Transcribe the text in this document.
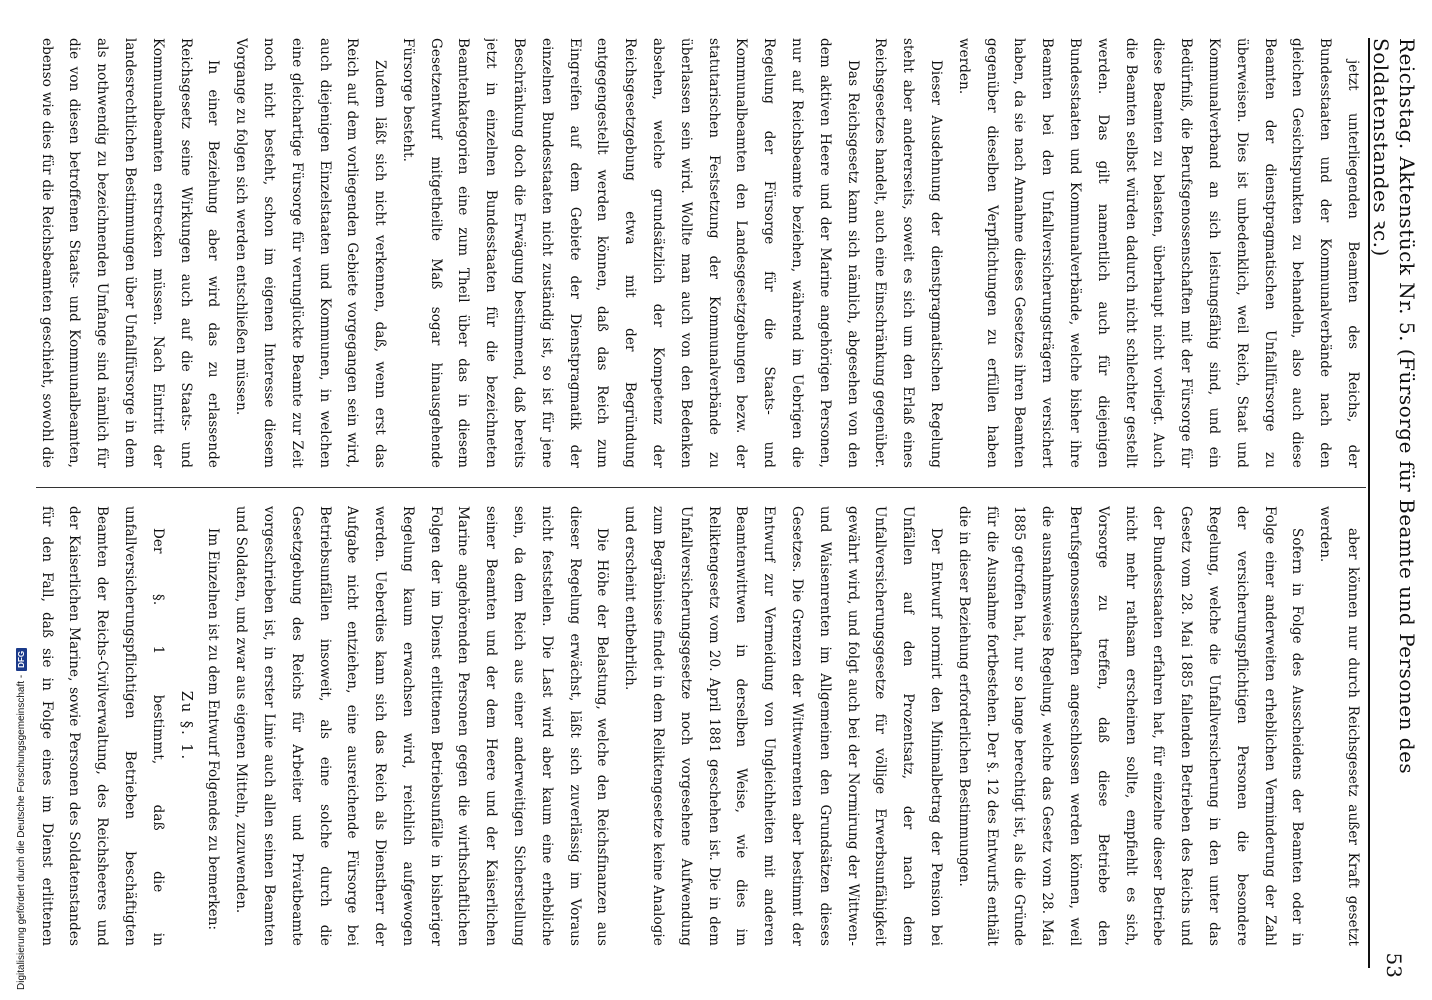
Reichstag. Aktenstück Nr. 5. (Fürsorge für Beamte und Personen des Soldatenstandes ꝛc.)
53

jetzt unterliegenden Beamten des Reichs, der Bundesstaaten und der Kommunalverbände nach den gleichen Gesichtspunkten zu behandeln, also auch diese Beamten der dienstpragmatischen Unfallfürsorge zu überweisen. Dies ist unbedenklich, weil Reich, Staat und Kommunalverband an sich leistungsfähig sind, und ein Bedürfniß, die Berufsgenossenschaften mit der Fürsorge für diese Beamten zu belasten, überhaupt nicht vorliegt. Auch die Beamten selbst würden dadurch nicht schlechter gestellt werden. Das gilt namentlich auch für diejenigen Bundesstaaten und Kommunalverbände, welche bisher ihre Beamten bei den Unfallversicherungsträgern versichert haben, da sie nach Annahme dieses Gesetzes ihren Beamten gegenüber dieselben Verpflichtungen zu erfüllen haben werden.

Dieser Ausdehnung der dienstpragmatischen Regelung steht aber andererseits, soweit es sich um den Erlaß eines Reichsgesetzes handelt, auch eine Einschränkung gegenüber.

Das Reichsgesetz kann sich nämlich, abgesehen von den dem aktiven Heere und der Marine angehörigen Personen, nur auf Reichsbeamte beziehen, während im Uebrigen die Regelung der Fürsorge für die Staats- und Kommunalbeamten den Landesgesetzgebungen bezw. der statutarischen Festsetzung der Kommunalverbände zu überlassen sein wird. Wollte man auch von den Bedenken absehen, welche grundsätzlich der Kompetenz der Reichsgesetzgebung etwa mit der Begründung entgegengestellt werden können, daß das Reich zum Eingreifen auf dem Gebiete der Dienstpragmatik der einzelnen Bundesstaaten nicht zuständig ist, so ist für jene Beschränkung doch die Erwägung bestimmend, daß bereits jetzt in einzelnen Bundesstaaten für die bezeichneten Beamtenkategorien eine zum Theil über das in diesem Gesetzentwurf mitgetheilte Maß sogar hinausgehende Fürsorge besteht.

Zudem läßt sich nicht verkennen, daß, wenn erst das Reich auf dem vorliegenden Gebiete vorgegangen sein wird, auch diejenigen Einzelstaaten und Kommunen, in welchen eine gleichartige Fürsorge für verunglückte Beamte zur Zeit noch nicht besteht, schon im eigenen Interesse diesem Vorgange zu folgen sich werden entschließen müssen.

In einer Beziehung aber wird das zu erlassende Reichsgesetz seine Wirkungen auch auf die Staats- und Kommunalbeamten erstrecken müssen. Nach Eintritt der landesrechtlichen Bestimmungen über Unfallfürsorge in dem als nothwendig zu bezeichnenden Umfange sind nämlich für die von diesen betroffenen Staats- und Kommunalbeamten, ebenso wie dies für die Reichsbeamten geschieht, sowohl die

aber können nur durch Reichsgesetz außer Kraft gesetzt werden.

Sofern in Folge des Ausscheidens der Beamten oder in Folge einer anderweiten erheblichen Verminderung der Zahl der versicherungspflichtigen Personen die besondere Regelung, welche die Unfallversicherung in den unter das Gesetz vom 28. Mai 1885 fallenden Betrieben des Reichs und der Bundesstaaten erfahren hat, für einzelne dieser Betriebe nicht mehr rathsam erscheinen sollte, empfiehlt es sich, Vorsorge zu treffen, daß diese Betriebe den Berufsgenossenschaften angeschlossen werden können, weil die ausnahmsweise Regelung, welche das Gesetz vom 28. Mai 1885 getroffen hat, nur so lange berechtigt ist, als die Gründe für die Ausnahme fortbestehen. Der §. 12 des Entwurfs enthält die in dieser Beziehung erforderlichen Bestimmungen.

Der Entwurf normirt den Minimalbetrag der Pension bei Unfällen auf den Prozentsatz, der nach dem Unfallversicherungsgesetze für völlige Erwerbsunfähigkeit gewährt wird, und folgt auch bei der Normirung der Wittwen- und Waisenrenten im Allgemeinen den Grundsätzen dieses Gesetzes. Die Grenzen der Wittwenrenten aber bestimmt der Entwurf zur Vermeidung von Ungleichheiten mit anderen Beamtenwittwen in derselben Weise, wie dies im Reliktengesetz vom 20. April 1881 geschehen ist. Die in dem Unfallversicherungsgesetze noch vorgesehene Aufwendung zum Begräbnisse findet in dem Reliktengesetze keine Analogie und erscheint entbehrlich.

Die Höhe der Belastung, welche den Reichsfinanzen aus dieser Regelung erwächst, läßt sich zuverlässig im Voraus nicht feststellen. Die Last wird aber kaum eine erhebliche sein, da dem Reich aus einer anderweitigen Sicherstellung seiner Beamten und der dem Heere und der Kaiserlichen Marine angehörenden Personen gegen die wirthschaftlichen Folgen der im Dienst erlittenen Betriebsunfälle in bisheriger Regelung kaum erwachsen wird, reichlich aufgewogen werden. Ueberdies kann sich das Reich als Dienstherr der Aufgabe nicht entziehen, eine ausreichende Fürsorge bei Betriebsunfällen insoweit, als eine solche durch die Gesetzgebung des Reichs für Arbeiter und Privatbeamte vorgeschrieben ist, in erster Linie auch allen seinen Beamten und Soldaten, und zwar aus eigenen Mitteln, zuzuwenden.

Im Einzelnen ist zu dem Entwurf Folgendes zu bemerken:

Zu §. 1.

Der §. 1 bestimmt, daß die in unfallversicherungspflichtigen Betrieben beschäftigten Beamten der Reichs-Civilverwaltung, des Reichsheeres und der Kaiserlichen Marine, sowie Personen des Soldatenstandes für den Fall, daß sie in Folge eines im Dienst erlittenen

Digitalisierung gefördert durch die Deutsche Forschungsgemeinschaft -
DFG
